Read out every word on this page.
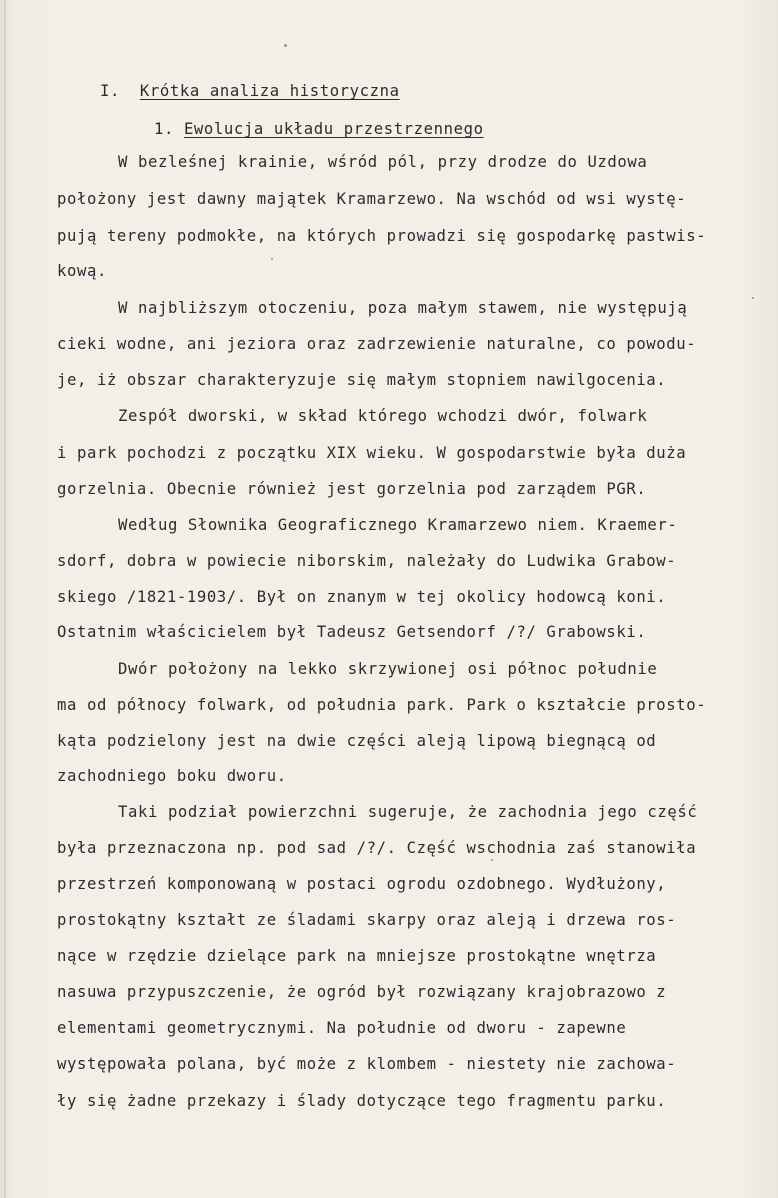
I. Krótka analiza historyczna

1. Ewolucja układu przestrzennego

W bezleśnej krainie, wśród pól, przy drodze do Uzdowa
położony jest dawny majątek Kramarzewo. Na wschód od wsi wystę-
pują tereny podmokłe, na których prowadzi się gospodarkę pastwis-
kową.
W najbliższym otoczeniu, poza małym stawem, nie występują
cieki wodne, ani jeziora oraz zadrzewienie naturalne, co powodu-
je, iż obszar charakteryzuje się małym stopniem nawilgocenia.
Zespół dworski, w skład którego wchodzi dwór, folwark
i park pochodzi z początku XIX wieku. W gospodarstwie była duża
gorzelnia. Obecnie również jest gorzelnia pod zarządem PGR.
Według Słownika Geograficznego Kramarzewo niem. Kraemer-
sdorf, dobra w powiecie niborskim, należały do Ludwika Grabow-
skiego /1821-1903/. Był on znanym w tej okolicy hodowcą koni.
Ostatnim właścicielem był Tadeusz Getsendorf /?/ Grabowski.
Dwór położony na lekko skrzywionej osi północ południe
ma od północy folwark, od południa park. Park o kształcie prosto-
kąta podzielony jest na dwie części aleją lipową biegnącą od
zachodniego boku dworu.
Taki podział powierzchni sugeruje, że zachodnia jego część
była przeznaczona np. pod sad /?/. Część wschodnia zaś stanowiła
przestrzeń komponowaną w postaci ogrodu ozdobnego. Wydłużony,
prostokątny kształt ze śladami skarpy oraz aleją i drzewa ros-
nące w rzędzie dzielące park na mniejsze prostokątne wnętrza
nasuwa przypuszczenie, że ogród był rozwiązany krajobrazowo z
elementami geometrycznymi. Na południe od dworu - zapewne
występowała polana, być może z klombem - niestety nie zachowa-
ły się żadne przekazy i ślady dotyczące tego fragmentu parku.
